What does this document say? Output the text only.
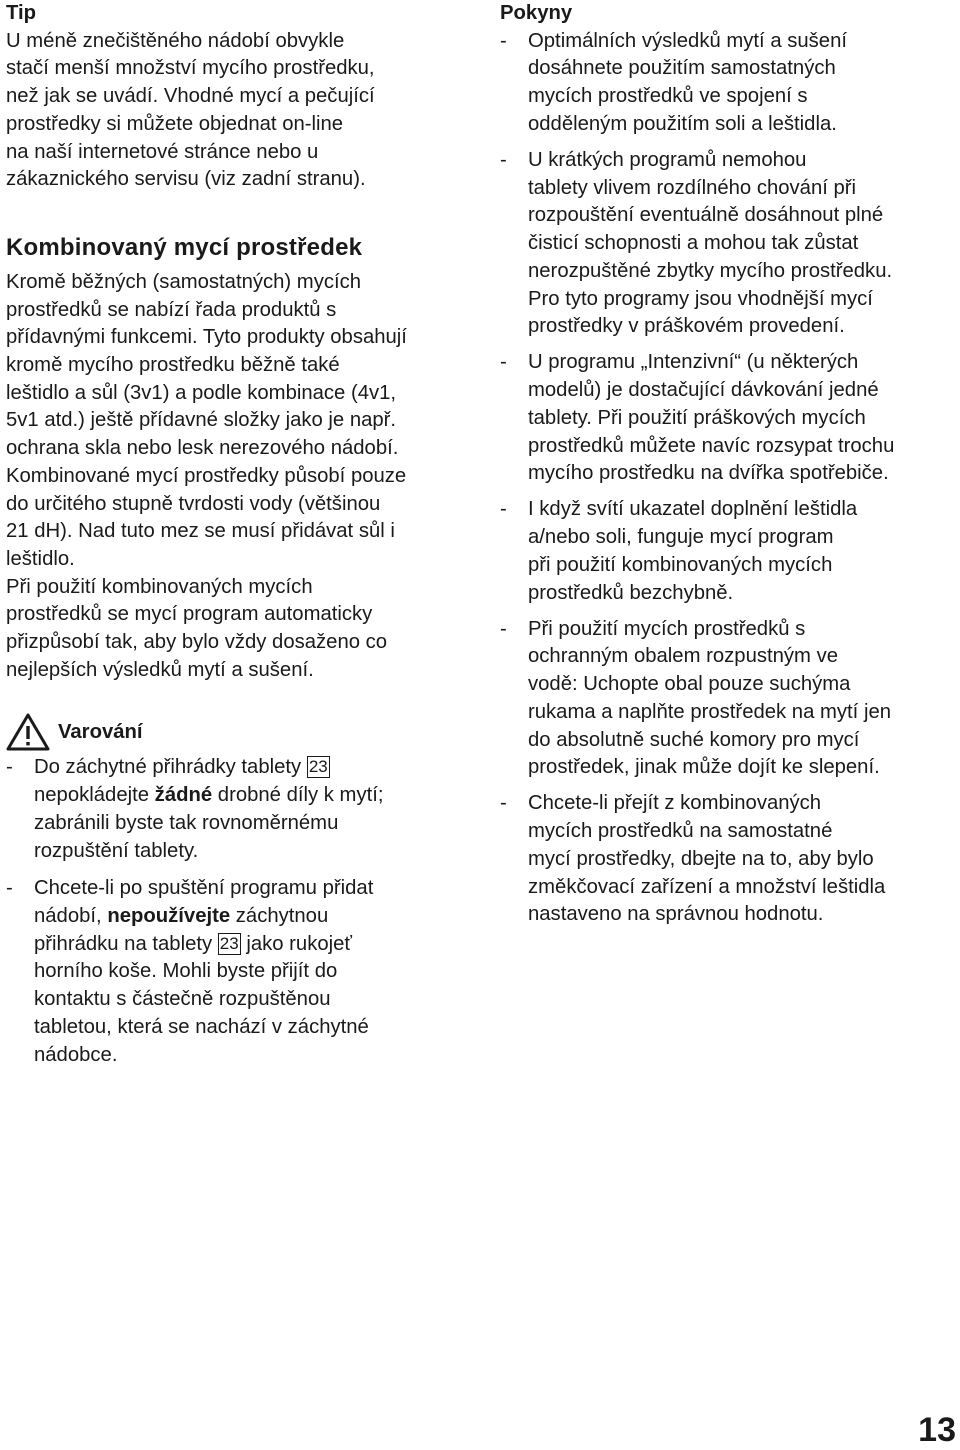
Tip

U méně znečištěného nádobí obvykle

stačí menší množství mycího prostředku,

než jak se uvádí. Vhodné mycí a pečující

prostředky si můžete objednat on-line

na naší internetové stránce nebo u

zákaznického servisu (viz zadní stranu).

Kombinovaný mycí prostředek

Kromě běžných (samostatných) mycích

prostředků se nabízí řada produktů s

přídavnými funkcemi. Tyto produkty obsahují

kromě mycího prostředku běžně také

leštidlo a sůl (3v1) a podle kombinace (4v1,

5v1 atd.) ještě přídavné složky jako je např.

ochrana skla nebo lesk nerezového nádobí.

Kombinované mycí prostředky působí pouze

do určitého stupně tvrdosti vody (většinou

21 dH). Nad tuto mez se musí přidávat sůl i

leštidlo.

Při použití kombinovaných mycích

prostředků se mycí program automaticky

přizpůsobí tak, aby bylo vždy dosaženo co

nejlepších výsledků mytí a sušení.

Varování
- Do záchytné přihrádky tablety 23

nepokládejte žádné drobné díly k mytí;

zabránili byste tak rovnoměrnému

rozpuštění tablety.

- Chcete-li po spuštění programu přidat

nádobí, nepoužívejte záchytnou

přihrádku na tablety 23 jako rukojeť

horního koše. Mohli byste přijít do

kontaktu s částečně rozpuštěnou

tabletou, která se nachází v záchytné

nádobce.

Pokyny

- Optimálních výsledků mytí a sušení

dosáhnete použitím samostatných

mycích prostředků ve spojení s

odděleným použitím soli a leštidla.

- U krátkých programů nemohou

tablety vlivem rozdílného chování při

rozpouštění eventuálně dosáhnout plné

čisticí schopnosti a mohou tak zůstat

nerozpuštěné zbytky mycího prostředku.

Pro tyto programy jsou vhodnější mycí

prostředky v práškovém provedení.

- U programu „Intenzivní“ (u některých

modelů) je dostačující dávkování jedné

tablety. Při použití práškových mycích

prostředků můžete navíc rozsypat trochu

mycího prostředku na dvířka spotřebiče.

- I když svítí ukazatel doplnění leštidla

a/nebo soli, funguje mycí program

při použití kombinovaných mycích

prostředků bezchybně.

- Při použití mycích prostředků s

ochranným obalem rozpustným ve

vodě: Uchopte obal pouze suchýma

rukama a naplňte prostředek na mytí jen

do absolutně suché komory pro mycí

prostředek, jinak může dojít ke slepení.

- Chcete-li přejít z kombinovaných

mycích prostředků na samostatné

mycí prostředky, dbejte na to, aby bylo

změkčovací zařízení a množství leštidla

nastaveno na správnou hodnotu.

13
